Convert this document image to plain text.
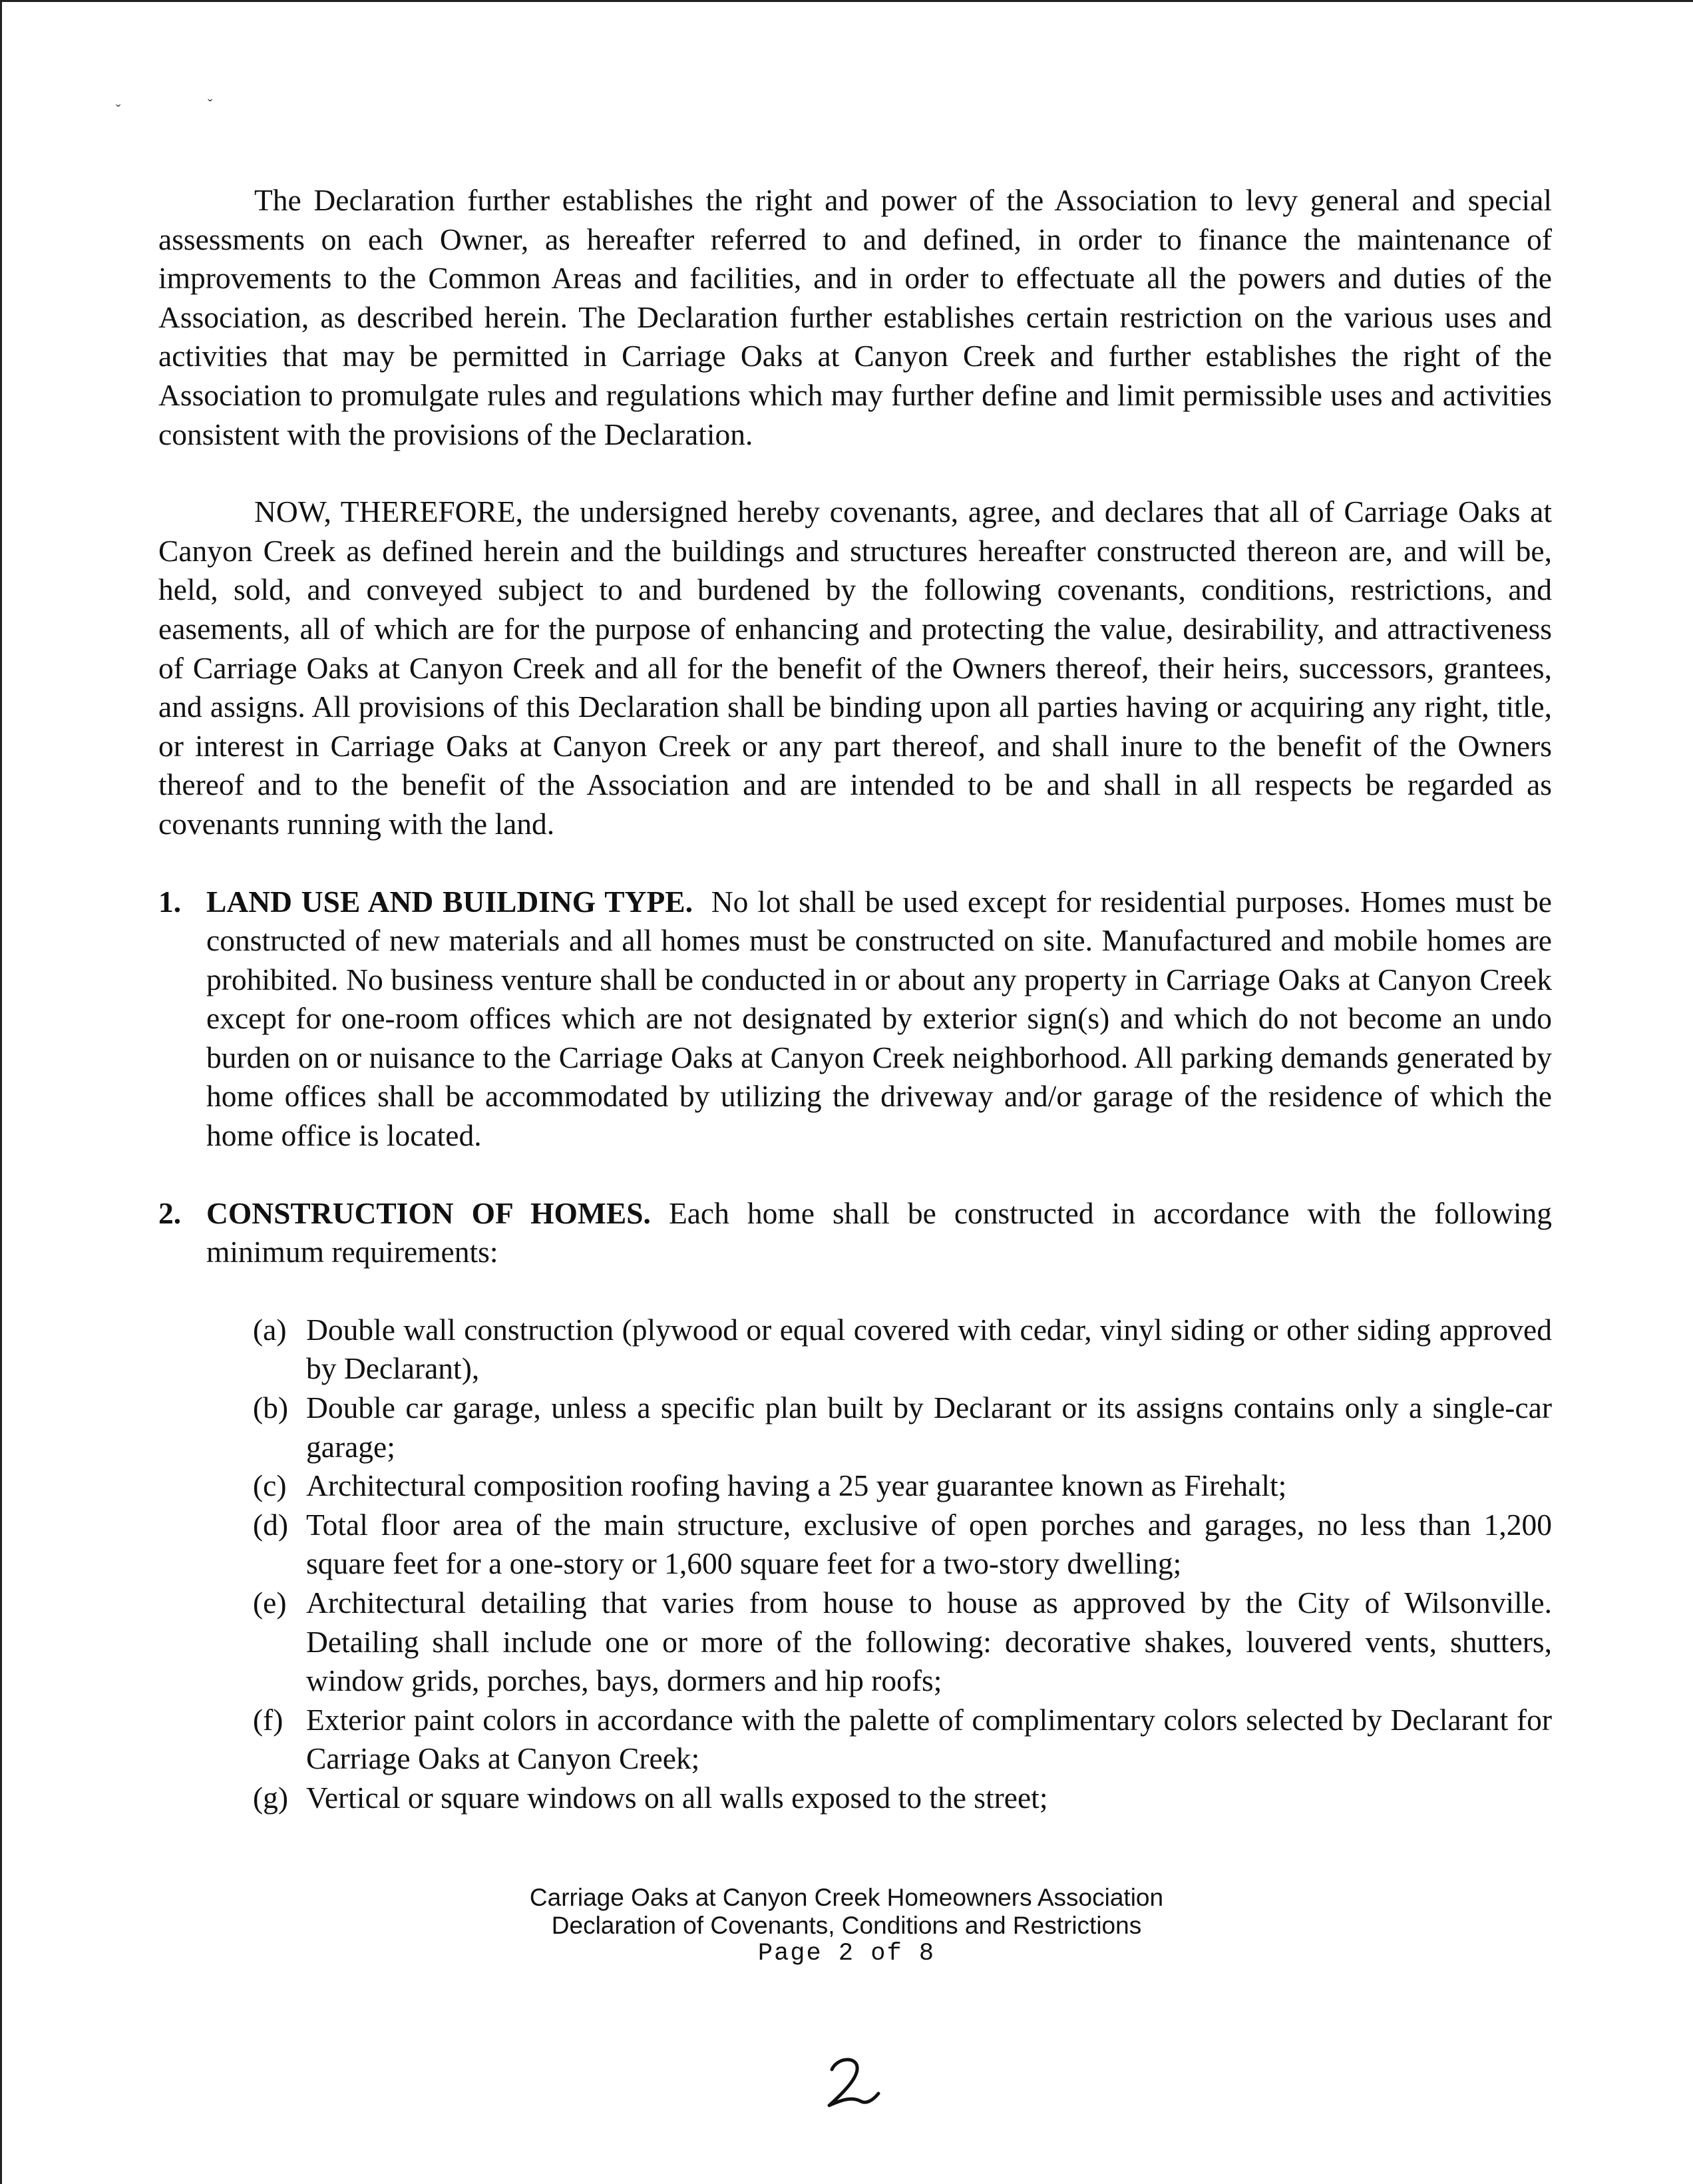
ˇ	ˇ

The Declaration further establishes the right and power of the Association to levy general and special assessments on each Owner, as hereafter referred to and defined, in order to finance the maintenance of improvements to the Common Areas and facilities, and in order to effectuate all the powers and duties of the Association, as described herein. The Declaration further establishes certain restriction on the various uses and activities that may be permitted in Carriage Oaks at Canyon Creek and further establishes the right of the Association to promulgate rules and regulations which may further define and limit permissible uses and activities consistent with the provisions of the Declaration.

NOW, THEREFORE, the undersigned hereby covenants, agree, and declares that all of Carriage Oaks at Canyon Creek as defined herein and the buildings and structures hereafter constructed thereon are, and will be, held, sold, and conveyed subject to and burdened by the following covenants, conditions, restrictions, and easements, all of which are for the purpose of enhancing and protecting the value, desirability, and attractiveness of Carriage Oaks at Canyon Creek and all for the benefit of the Owners thereof, their heirs, successors, grantees, and assigns. All provisions of this Declaration shall be binding upon all parties having or acquiring any right, title, or interest in Carriage Oaks at Canyon Creek or any part thereof, and shall inure to the benefit of the Owners thereof and to the benefit of the Association and are intended to be and shall in all respects be regarded as covenants running with the land.

1. LAND USE AND BUILDING TYPE. No lot shall be used except for residential purposes. Homes must be constructed of new materials and all homes must be constructed on site. Manufactured and mobile homes are prohibited. No business venture shall be conducted in or about any property in Carriage Oaks at Canyon Creek except for one-room offices which are not designated by exterior sign(s) and which do not become an undo burden on or nuisance to the Carriage Oaks at Canyon Creek neighborhood. All parking demands generated by home offices shall be accommodated by utilizing the driveway and/or garage of the residence of which the home office is located.
2. CONSTRUCTION OF HOMES. Each home shall be constructed in accordance with the following minimum requirements:
(a) Double wall construction (plywood or equal covered with cedar, vinyl siding or other siding approved by Declarant),
(b) Double car garage, unless a specific plan built by Declarant or its assigns contains only a single-car garage;
(c) Architectural composition roofing having a 25 year guarantee known as Firehalt;
(d) Total floor area of the main structure, exclusive of open porches and garages, no less than 1,200 square feet for a one-story or 1,600 square feet for a two-story dwelling;
(e) Architectural detailing that varies from house to house as approved by the City of Wilsonville. Detailing shall include one or more of the following: decorative shakes, louvered vents, shutters, window grids, porches, bays, dormers and hip roofs;
(f) Exterior paint colors in accordance with the palette of complimentary colors selected by Declarant for Carriage Oaks at Canyon Creek;
(g) Vertical or square windows on all walls exposed to the street;
Carriage Oaks at Canyon Creek Homeowners Association
Declaration of Covenants, Conditions and Restrictions
Page 2 of 8
